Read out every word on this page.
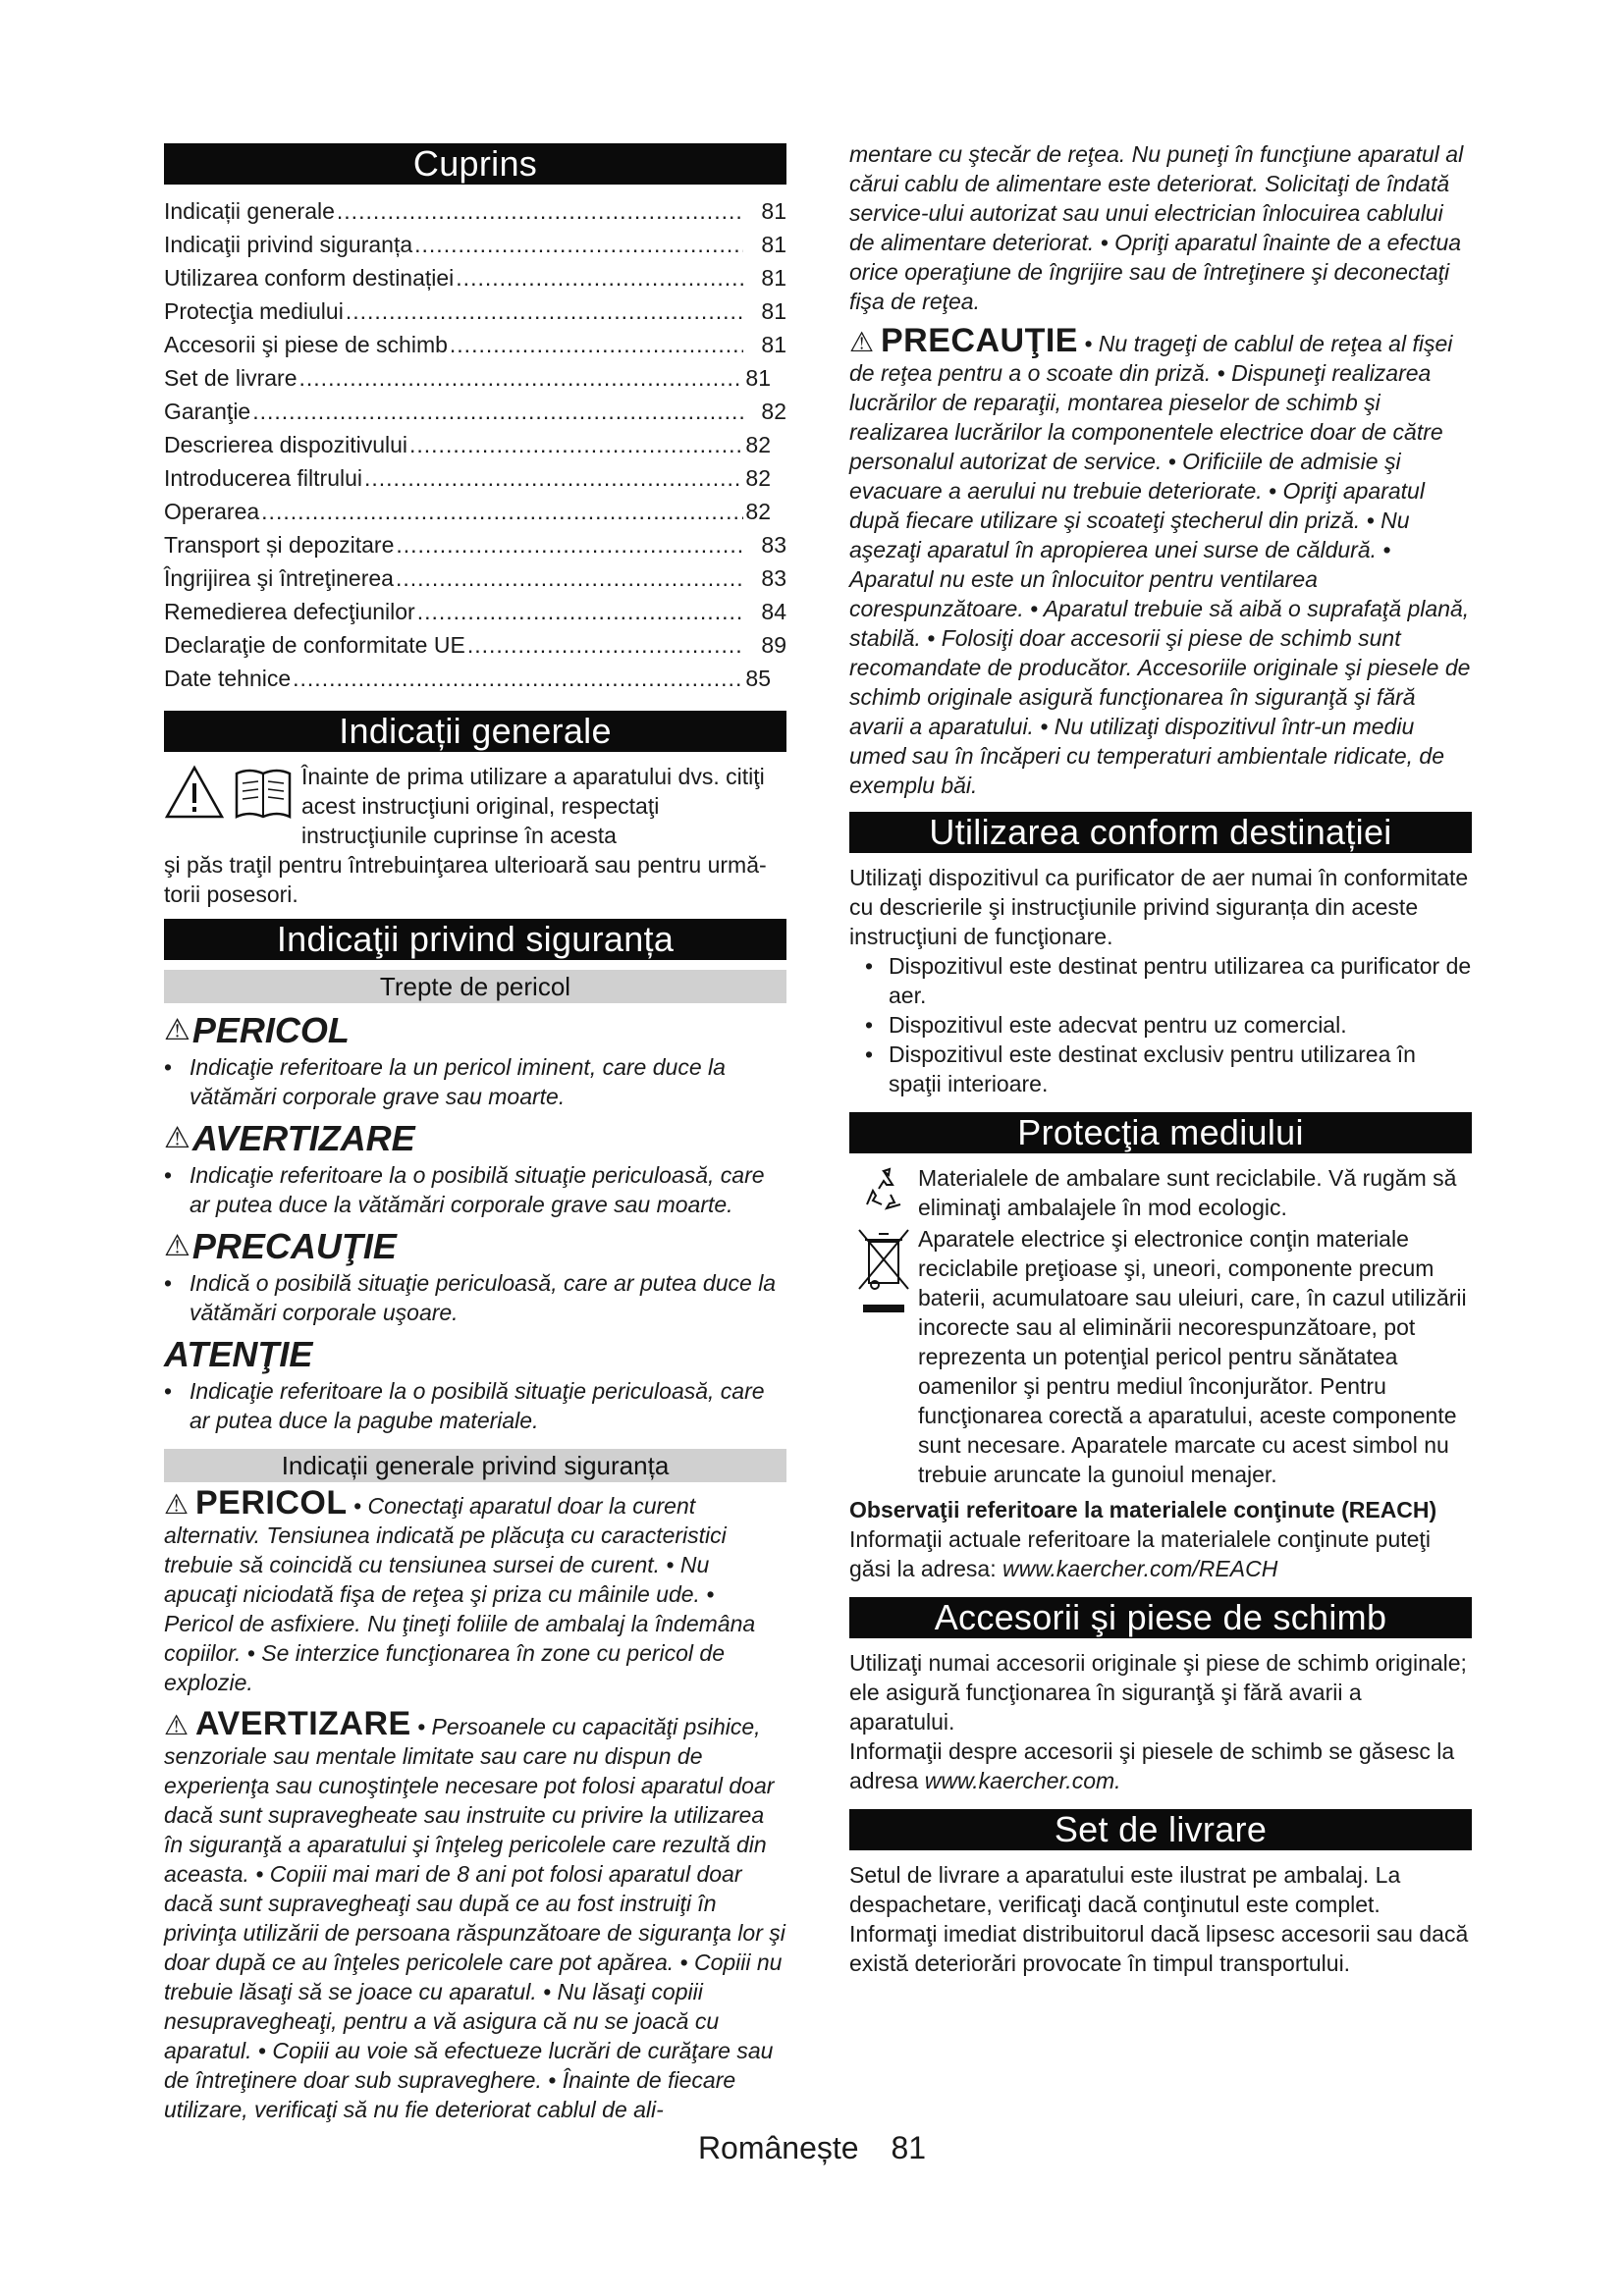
Cuprins
Indicații generale .....	81
Indicaţii privind siguranța .....	81
Utilizarea conform destinației .....	81
Protecţia mediului .....	81
Accesorii şi piese de schimb .....	81
Set de livrare .....	81
Garanţie .....	82
Descrierea dispozitivului .....	82
Introducerea filtrului .....	82
Operarea .....	82
Transport și depozitare .....	83
Îngrijirea şi întreţinerea .....	83
Remedierea defecţiunilor .....	84
Declaraţie de conformitate UE .....	89
Date tehnice .....	85
Indicații generale

Înainte de prima utilizare a aparatului dvs. citiţi acest instrucţiuni original, respectaţi instrucţiunile cuprinse în acesta

şi păs traţil pentru întrebuinţarea ulterioară sau pentru urmă-torii posesori.

Indicaţii privind siguranța
Trepte de pericol
⚠ PERICOL
• Indicaţie referitoare la un pericol iminent, care duce la vătămări corporale grave sau moarte.
⚠ AVERTIZARE
• Indicaţie referitoare la o posibilă situaţie periculoasă, care ar putea duce la vătămări corporale grave sau moarte.
⚠ PRECAUŢIE
• Indică o posibilă situaţie periculoasă, care ar putea duce la vătămări corporale uşoare.
ATENŢIE
• Indicaţie referitoare la o posibilă situaţie periculoasă, care ar putea duce la pagube materiale.
Indicații generale privind siguranța

⚠ PERICOL • Conectaţi aparatul doar la curent alternativ. Tensiunea indicată pe plăcuţa cu caracteristici trebuie să coincidă cu tensiunea sursei de curent. • Nu apucaţi niciodată fişa de reţea şi priza cu mâinile ude. • Pericol de asfixiere. Nu ţineţi foliile de ambalaj la îndemâna copiilor. • Se interzice funcţionarea în zone cu pericol de explozie.

⚠ AVERTIZARE • Persoanele cu capacităţi psihice, senzoriale sau mentale limitate sau care nu dispun de experienţa sau cunoştinţele necesare pot folosi aparatul doar dacă sunt supravegheate sau instruite cu privire la utilizarea în siguranţă a aparatului şi înţeleg pericolele care rezultă din aceasta. • Copiii mai mari de 8 ani pot folosi aparatul doar dacă sunt supravegheaţi sau după ce au fost instruiţi în privinţa utilizării de persoana răspunzătoare de siguranţa lor şi doar după ce au înţeles pericolele care pot apărea. • Copiii nu trebuie lăsaţi să se joace cu aparatul. • Nu lăsaţi copiii nesupravegheaţi, pentru a vă asigura că nu se joacă cu aparatul. • Copiii au voie să efectueze lucrări de curăţare sau de întreţinere doar sub supraveghere. • Înainte de fiecare utilizare, verificaţi să nu fie deteriorat cablul de ali-

mentare cu ştecăr de reţea. Nu puneţi în funcţiune aparatul al cărui cablu de alimentare este deteriorat. Solicitaţi de îndată service-ului autorizat sau unui electrician înlocuirea cablului de alimentare deteriorat. • Opriţi aparatul înainte de a efectua orice operaţiune de îngrijire sau de întreţinere şi deconectaţi fişa de reţea.

⚠ PRECAUŢIE • Nu trageţi de cablul de reţea al fişei de reţea pentru a o scoate din priză. • Dispuneţi realizarea lucrărilor de reparaţii, montarea pieselor de schimb şi realizarea lucrărilor la componentele electrice doar de către personalul autorizat de service. • Orificiile de admisie şi evacuare a aerului nu trebuie deteriorate. • Opriţi aparatul după fiecare utilizare şi scoateţi ştecherul din priză. • Nu aşezaţi aparatul în apropierea unei surse de căldură. • Aparatul nu este un înlocuitor pentru ventilarea corespunzătoare. • Aparatul trebuie să aibă o suprafaţă plană, stabilă. • Folosiţi doar accesorii şi piese de schimb sunt recomandate de producător. Accesoriile originale şi piesele de schimb originale asigură funcţionarea în siguranţă şi fără avarii a aparatului. • Nu utilizaţi dispozitivul într-un mediu umed sau în încăperi cu temperaturi ambientale ridicate, de exemplu băi.

Utilizarea conform destinației

Utilizaţi dispozitivul ca purificator de aer numai în conformitate cu descrierile şi instrucţiunile privind siguranța din aceste instrucţiuni de funcţionare.

• Dispozitivul este destinat pentru utilizarea ca purificator de aer.
• Dispozitivul este adecvat pentru uz comercial.
• Dispozitivul este destinat exclusiv pentru utilizarea în spaţii interioare.
Protecţia mediului

Materialele de ambalare sunt reciclabile. Vă rugăm să eliminaţi ambalajele în mod ecologic.

Aparatele electrice şi electronice conţin materiale reciclabile preţioase şi, uneori, componente precum baterii, acumulatoare sau uleiuri, care, în cazul utilizării incorecte sau al eliminării necorespunzătoare, pot reprezenta un potenţial pericol pentru sănătatea oamenilor şi pentru mediul înconjurător. Pentru funcţionarea corectă a aparatului, aceste componente sunt necesare. Aparatele marcate cu acest simbol nu trebuie aruncate la gunoiul menajer.

Observaţii referitoare la materialele conţinute (REACH)

Informaţii actuale referitoare la materialele conţinute puteţi găsi la adresa: www.kaercher.com/REACH

Accesorii şi piese de schimb

Utilizaţi numai accesorii originale şi piese de schimb originale; ele asigură funcţionarea în siguranţă şi fără avarii a aparatului.

Informaţii despre accesorii şi piesele de schimb se găsesc la adresa www.kaercher.com.

Set de livrare

Setul de livrare a aparatului este ilustrat pe ambalaj. La despachetare, verificaţi dacă conţinutul este complet. Informaţi imediat distribuitorul dacă lipsesc accesorii sau dacă există deteriorări provocate în timpul transportului.

Românește 81
